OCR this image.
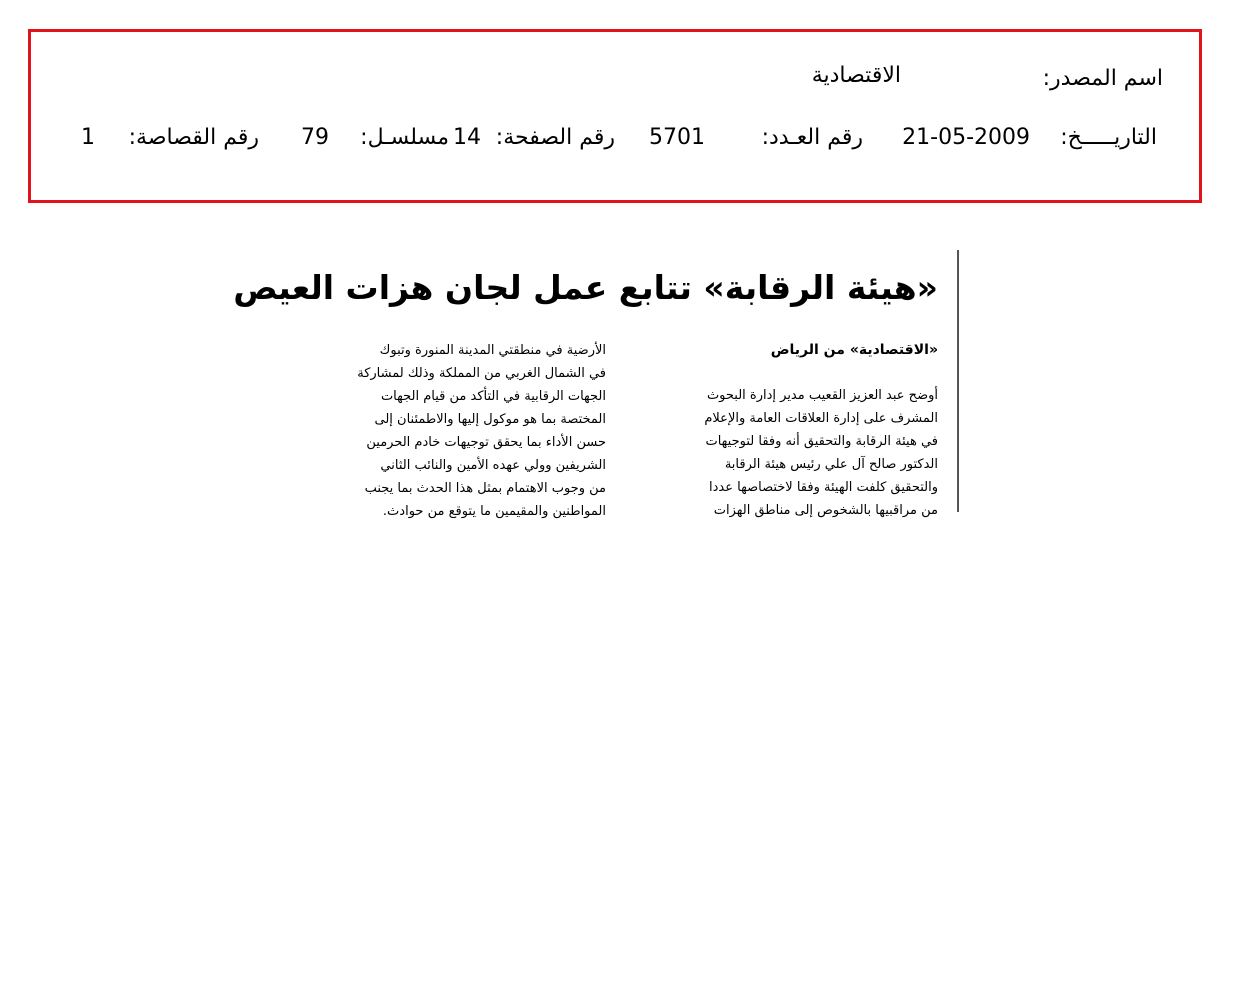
اسم المصدر:
الاقتصادية
التاريـــــخ:
21-05-2009
رقم العـدد:
5701
رقم الصفحة:
14
مسلسـل:
79
رقم القصاصة:
1
«هيئة الرقابة» تتابع عمل لجان هزات العيص
«الاقتصادية» من الرياض
أوضح عبد العزيز القعيب مدير إدارة البحوث
المشرف على إدارة العلاقات العامة والإعلام
في هيئة الرقابة والتحقيق أنه وفقا لتوجيهات
الدكتور صالح آل علي رئيس هيئة الرقابة
والتحقيق كلفت الهيئة وفقا لاختصاصها عددا
من مراقبيها بالشخوص إلى مناطق الهزات
الأرضية في منطقتي المدينة المنورة وتبوك
في الشمال الغربي من المملكة وذلك لمشاركة
الجهات الرقابية في التأكد من قيام الجهات
المختصة بما هو موكول إليها والاطمئنان إلى
حسن الأداء بما يحقق توجيهات خادم الحرمين
الشريفين وولي عهده الأمين والنائب الثاني
من وجوب الاهتمام بمثل هذا الحدث بما يجنب
المواطنين والمقيمين ما يتوقع من حوادث.
